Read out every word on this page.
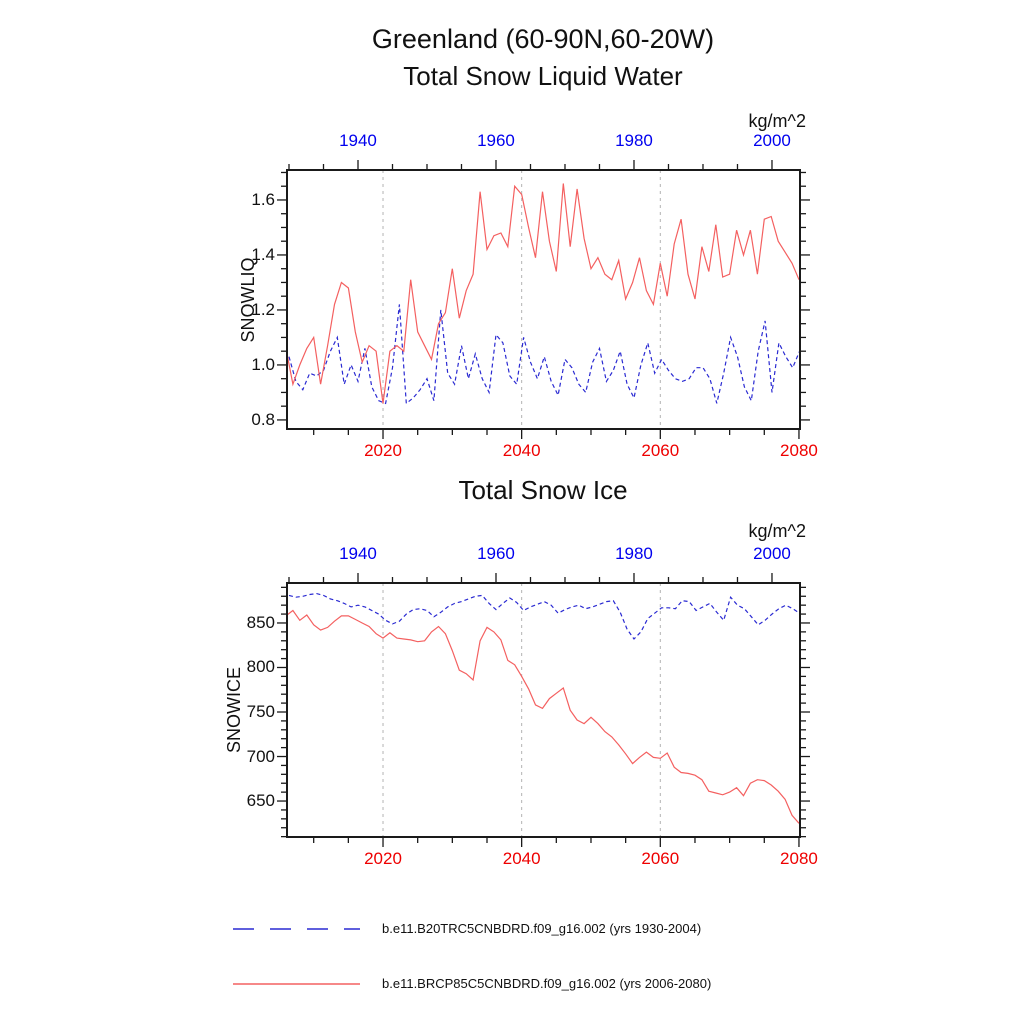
Greenland (60-90N,60-20W)
Total Snow Liquid Water
Total Snow Ice
kg/m^2
kg/m^2
SNOWLIQ
SNOWICE
b.e11.B20TRC5CNBDRD.f09_g16.002 (yrs 1930-2004)
b.e11.BRCP85C5CNBDRD.f09_g16.002 (yrs 2006-2080)
1940	1960	1980	2000
2020	2040	2060	2080
0.8
1.0
1.2
1.4
1.6
1940	1960	1980	2000
2020	2040	2060	2080
650
700
750
800
850
